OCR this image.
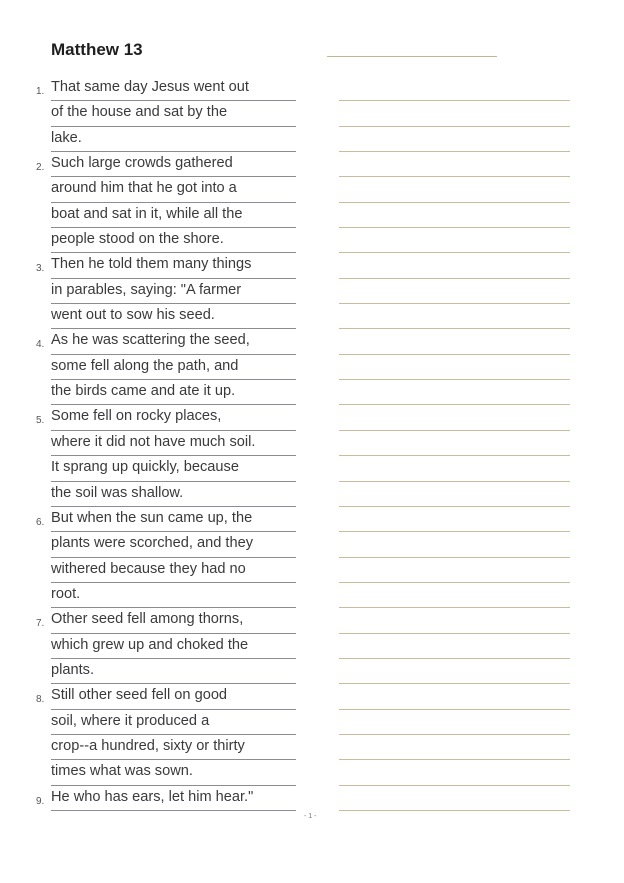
Matthew 13
1. That same day Jesus went out
of the house and sat by the
lake.
2. Such large crowds gathered
around him that he got into a
boat and sat in it, while all the
people stood on the shore.
3. Then he told them many things
in parables, saying: "A farmer
went out to sow his seed.
4. As he was scattering the seed,
some fell along the path, and
the birds came and ate it up.
5. Some fell on rocky places,
where it did not have much soil.
It sprang up quickly, because
the soil was shallow.
6. But when the sun came up, the
plants were scorched, and they
withered because they had no
root.
7. Other seed fell among thorns,
which grew up and choked the
plants.
8. Still other seed fell on good
soil, where it produced a
crop--a hundred, sixty or thirty
times what was sown.
9. He who has ears, let him hear."
- 1 -
